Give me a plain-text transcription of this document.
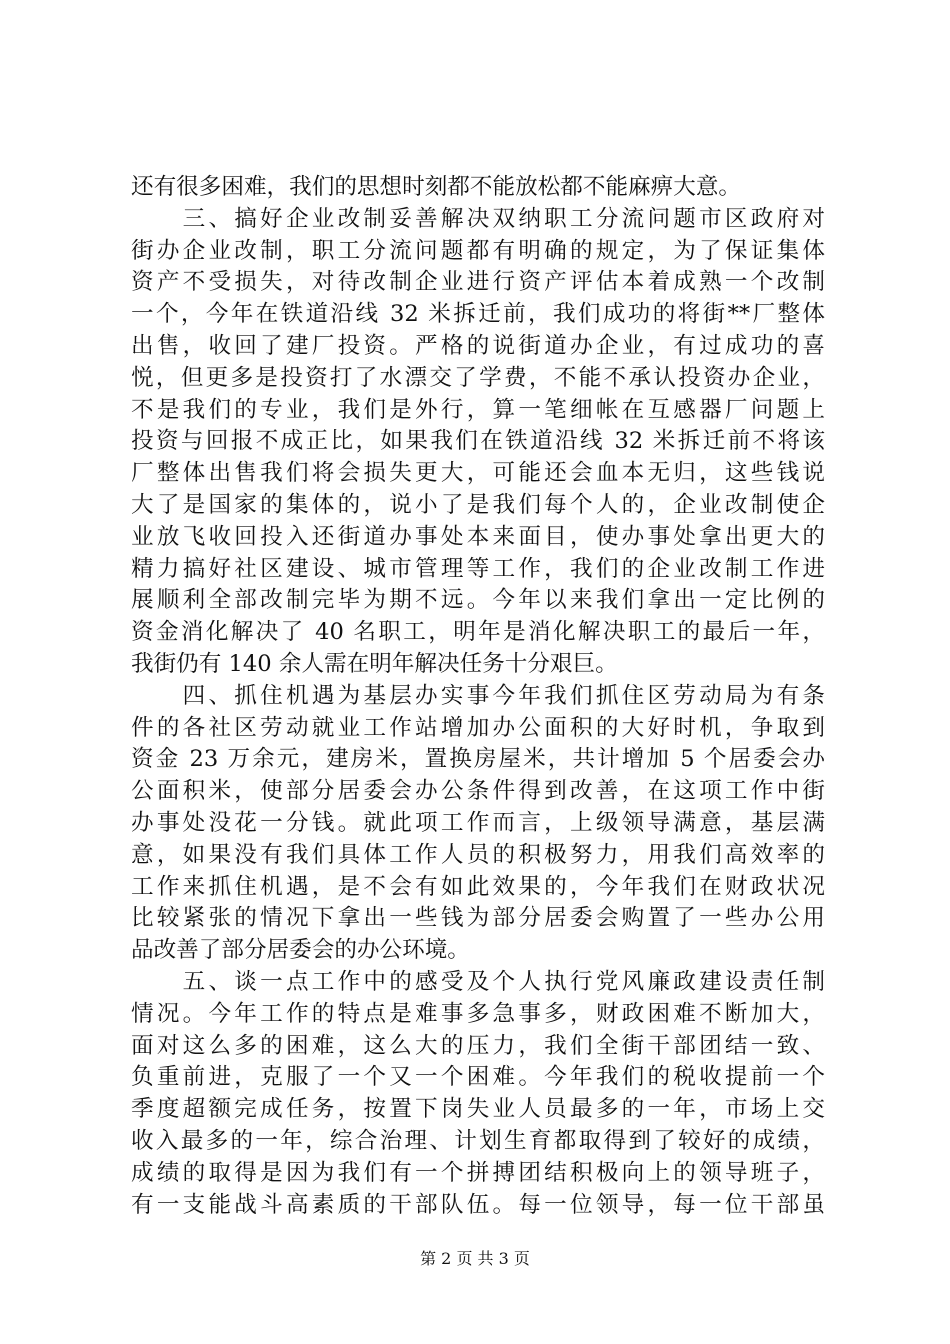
还有很多困难，我们的思想时刻都不能放松都不能麻痹大意。
　　三、搞好企业改制妥善解决双纳职工分流问题市区政府对
街办企业改制，职工分流问题都有明确的规定，为了保证集体
资产不受损失，对待改制企业进行资产评估本着成熟一个改制
一个，今年在铁道沿线 32 米拆迁前，我们成功的将街**厂整体
出售，收回了建厂投资。严格的说街道办企业，有过成功的喜
悦，但更多是投资打了水漂交了学费，不能不承认投资办企业，
不是我们的专业，我们是外行，算一笔细帐在互感器厂问题上
投资与回报不成正比，如果我们在铁道沿线 32 米拆迁前不将该
厂整体出售我们将会损失更大，可能还会血本无归，这些钱说
大了是国家的集体的，说小了是我们每个人的，企业改制使企
业放飞收回投入还街道办事处本来面目，使办事处拿出更大的
精力搞好社区建设、城市管理等工作，我们的企业改制工作进
展顺利全部改制完毕为期不远。今年以来我们拿出一定比例的
资金消化解决了 40 名职工，明年是消化解决职工的最后一年，
我街仍有 140 余人需在明年解决任务十分艰巨。
　　四、抓住机遇为基层办实事今年我们抓住区劳动局为有条
件的各社区劳动就业工作站增加办公面积的大好时机，争取到
资金 23 万余元，建房米，置换房屋米，共计增加 5 个居委会办
公面积米，使部分居委会办公条件得到改善，在这项工作中街
办事处没花一分钱。就此项工作而言，上级领导满意，基层满
意，如果没有我们具体工作人员的积极努力，用我们高效率的
工作来抓住机遇，是不会有如此效果的，今年我们在财政状况
比较紧张的情况下拿出一些钱为部分居委会购置了一些办公用
品改善了部分居委会的办公环境。
　　五、谈一点工作中的感受及个人执行党风廉政建设责任制
情况。今年工作的特点是难事多急事多，财政困难不断加大，
面对这么多的困难，这么大的压力，我们全街干部团结一致、
负重前进，克服了一个又一个困难。今年我们的税收提前一个
季度超额完成任务，按置下岗失业人员最多的一年，市场上交
收入最多的一年，综合治理、计划生育都取得到了较好的成绩，
成绩的取得是因为我们有一个拼搏团结积极向上的领导班子，
有一支能战斗高素质的干部队伍。每一位领导，每一位干部虽
第 2 页 共 3 页
